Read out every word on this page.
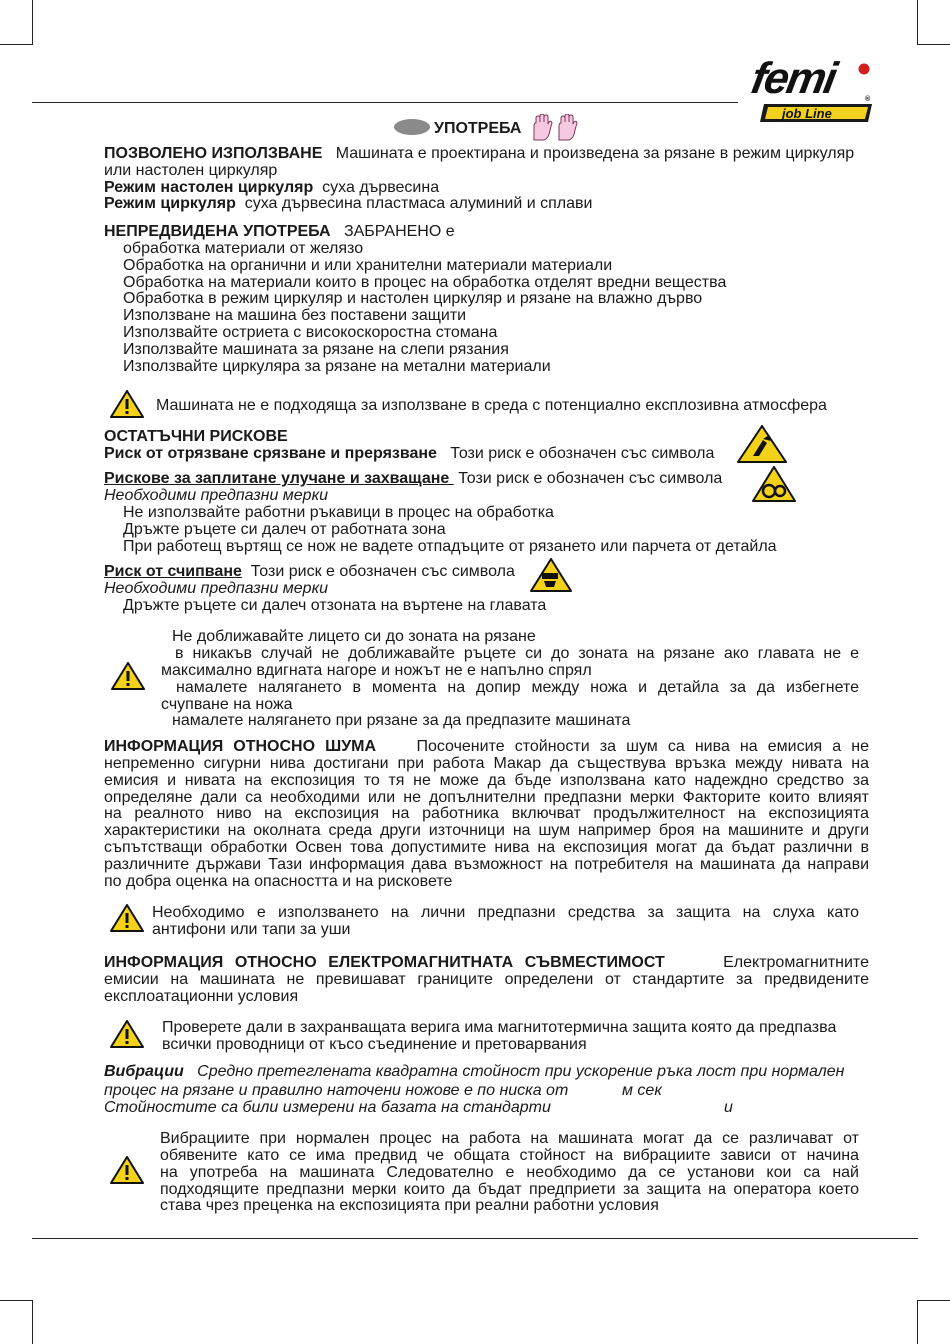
femi
job Line
®
УПОТРЕБА
ПОЗВОЛЕНО ИЗПОЛЗВАНЕ Машината е проектирана и произведена за рязане в режим циркуляр
или настолен циркуляр
Режим настолен циркуляр суха дървесина
Режим циркуляр суха дървесина пластмаса алуминий и сплави
НЕПРЕДВИДЕНА УПОТРЕБА ЗАБРАНЕНО е
обработка материали от желязо
Обработка на органични и или хранителни материали материали
Обработка на материали които в процес на обработка отделят вредни вещества
Обработка в режим циркуляр и настолен циркуляр и рязане на влажно дърво
Използване на машина без поставени защити
Използвайте остриета с високоскоростна стомана
Използвайте машината за рязане на слепи рязания
Използвайте циркуляра за рязане на метални материали
Машината не е подходяща за използване в среда с потенциално експлозивна атмосфера
ОСТАТЪЧНИ РИСКОВЕ
Риск от отрязване срязване и прерязване Този риск е обозначен със символа
Рискове за заплитане улучане и захващане  Този риск е обозначен със символа
Необходими предпазни мерки
Не използвайте работни ръкавици в процес на обработка
Дръжте ръцете си далеч от работната зона
При работещ въртящ се нож не вадете отпадъците от рязането или парчета от детайла
Риск от счипване Този риск е обозначен със символа
Необходими предпазни мерки
Дръжте ръцете си далеч отзоната на въртене на главата
Не доближавайте лицето си до зоната на рязане
в никакъв случай не доближавайте ръцете си до зоната на рязане ако главата не е
максимално вдигната нагоре и ножът не е напълно спрял
намалете налягането в момента на допир между ножа и детайла за да избегнете
счупване на ножа
намалете налягането при рязане за да предпазите машината
ИНФОРМАЦИЯ ОТНОСНО ШУМА	Посочените стойности за шум са нива на емисия а не
непременно сигурни нива достигани при работа Макар да съществува връзка между нивата на
емисия и нивата на експозиция то тя не може да бъде използвана като надеждно средство за
определяне дали са необходими или не допълнителни предпазни мерки Факторите които влияят
на реалното ниво на експозиция на работника включват продължителност на експозицията
характеристики на околната среда други източници на шум например броя на машините и други
съпътстващи обработки Освен това допустимите нива на експозиция могат да бъдат различни в
различните държави Тази информация дава възможност на потребителя на машината да направи
по добра оценка на опасността и на рисковете
Необходимо е използването на лични предпазни средства за защита на слуха като
антифони или тапи за уши
ИНФОРМАЦИЯ ОТНОСНО ЕЛЕКТРОМАГНИТНАТА СЪВМЕСТИМОСТ	Електромагнитните
емисии на машината не превишават границите определени от стандартите за предвидените
експлоатационни условия
Проверете дали в захранващата верига има магнитотермична защита която да предпазва
всички проводници от късо съединение и претоварвания
Вибрации Средно претеглената квадратна стойност при ускорение ръка лост при нормален
процес на рязане и правилно наточени ножове е по ниска от	м сек
Стойностите са били измерени на базата на стандарти	и
Вибрациите при нормален процес на работа на машината могат да се различават от
обявените като се има предвид че общата стойност на вибрациите зависи от начина
на употреба на машината Следователно е необходимо да се установи кои са най
подходящите предпазни мерки които да бъдат предприети за защита на оператора което
става чрез преценка на експозицията при реални работни условия
